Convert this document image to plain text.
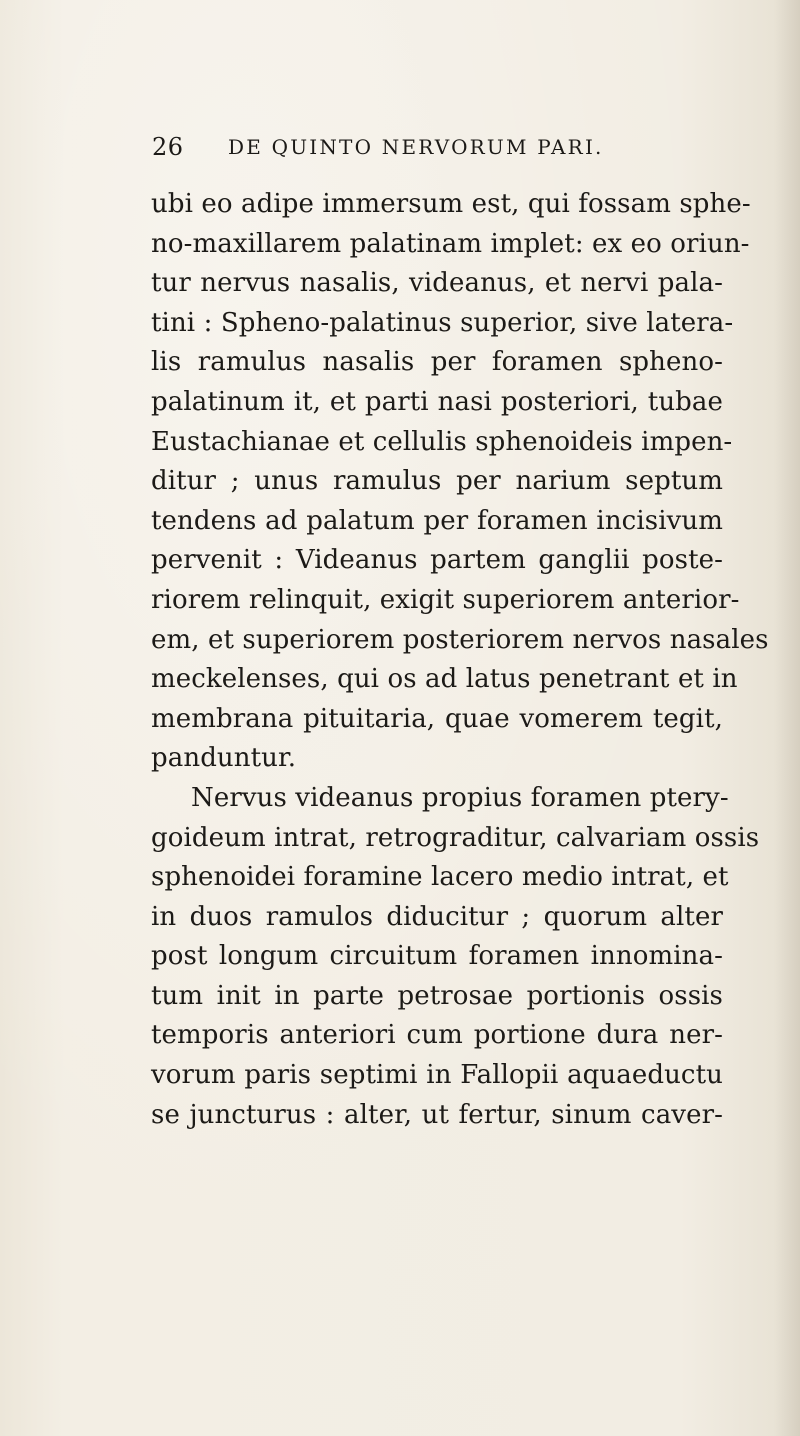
26 DE QUINTO NERVORUM PARI.
ubi eo adipe immersum est, qui fossam sphe-
no-maxillarem palatinam implet: ex eo oriun-
tur nervus nasalis, videanus, et nervi pala-
tini : Spheno-palatinus superior, sive latera-
lis ramulus nasalis per foramen spheno-
palatinum it, et parti nasi posteriori, tubae
Eustachianae et cellulis sphenoideis impen-
ditur ; unus ramulus per narium septum
tendens ad palatum per foramen incisivum
pervenit : Videanus partem ganglii poste-
riorem relinquit, exigit superiorem anterior-
em, et superiorem posteriorem nervos nasales
meckelenses, qui os ad latus penetrant et in
membrana pituitaria, quae vomerem tegit,
panduntur.
Nervus videanus propius foramen ptery-
goideum intrat, retrograditur, calvariam ossis
sphenoidei foramine lacero medio intrat, et
in duos ramulos diducitur ; quorum alter
post longum circuitum foramen innomina-
tum init in parte petrosae portionis ossis
temporis anteriori cum portione dura ner-
vorum paris septimi in Fallopii aquaeductu
se juncturus : alter, ut fertur, sinum caver-
